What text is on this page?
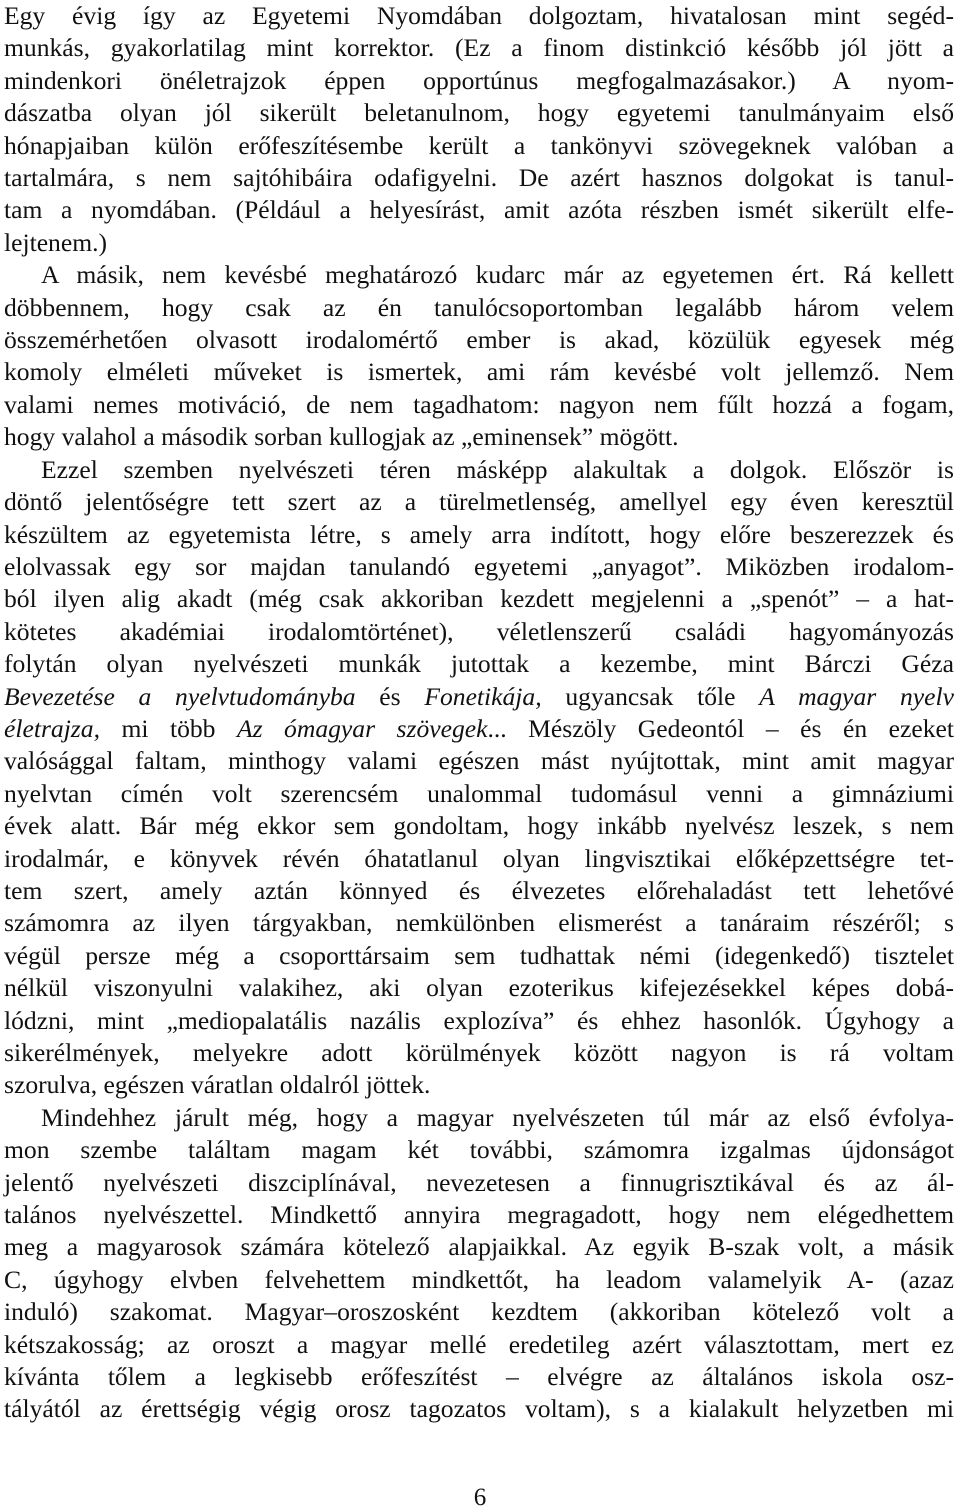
Egy évig így az Egyetemi Nyomdában dolgoztam, hivatalosan mint segéd-
munkás, gyakorlatilag mint korrektor. (Ez a finom distinkció később jól jött a
mindenkori önéletrajzok éppen opportúnus megfogalmazásakor.) A nyom-
dászatba olyan jól sikerült beletanulnom, hogy egyetemi tanulmányaim első
hónapjaiban külön erőfeszítésembe került a tankönyvi szövegeknek valóban a
tartalmára, s nem sajtóhibáira odafigyelni. De azért hasznos dolgokat is tanul-
tam a nyomdában. (Például a helyesírást, amit azóta részben ismét sikerült elfe-
lejtenem.)
A másik, nem kevésbé meghatározó kudarc már az egyetemen ért. Rá kellett
döbbennem, hogy csak az én tanulócsoportomban legalább három velem
összemérhetően olvasott irodalomértő ember is akad, közülük egyesek még
komoly elméleti műveket is ismertek, ami rám kevésbé volt jellemző. Nem
valami nemes motiváció, de nem tagadhatom: nagyon nem fűlt hozzá a fogam,
hogy valahol a második sorban kullogjak az „eminensek” mögött.
Ezzel szemben nyelvészeti téren másképp alakultak a dolgok. Először is
döntő jelentőségre tett szert az a türelmetlenség, amellyel egy éven keresztül
készültem az egyetemista létre, s amely arra indított, hogy előre beszerezzek és
elolvassak egy sor majdan tanulandó egyetemi „anyagot”. Miközben irodalom-
ból ilyen alig akadt (még csak akkoriban kezdett megjelenni a „spenót” – a hat-
kötetes akadémiai irodalomtörténet), véletlenszerű családi hagyományozás
folytán olyan nyelvészeti munkák jutottak a kezembe, mint Bárczi Géza
Bevezetése a nyelvtudományba és Fonetikája, ugyancsak tőle A magyar nyelv
életrajza, mi több Az ómagyar szövegek... Mészöly Gedeontól – és én ezeket
valósággal faltam, minthogy valami egészen mást nyújtottak, mint amit magyar
nyelvtan címén volt szerencsém unalommal tudomásul venni a gimnáziumi
évek alatt. Bár még ekkor sem gondoltam, hogy inkább nyelvész leszek, s nem
irodalmár, e könyvek révén óhatatlanul olyan lingvisztikai előképzettségre tet-
tem szert, amely aztán könnyed és élvezetes előrehaladást tett lehetővé
számomra az ilyen tárgyakban, nemkülönben elismerést a tanáraim részéről; s
végül persze még a csoporttársaim sem tudhattak némi (idegenkedő) tisztelet
nélkül viszonyulni valakihez, aki olyan ezoterikus kifejezésekkel képes dobá-
lódzni, mint „mediopalatális nazális explozíva” és ehhez hasonlók. Úgyhogy a
sikerélmények, melyekre adott körülmények között nagyon is rá voltam
szorulva, egészen váratlan oldalról jöttek.
Mindehhez járult még, hogy a magyar nyelvészeten túl már az első évfolya-
mon szembe találtam magam két további, számomra izgalmas újdonságot
jelentő nyelvészeti diszciplínával, nevezetesen a finnugrisztikával és az ál-
talános nyelvészettel. Mindkettő annyira megragadott, hogy nem elégedhettem
meg a magyarosok számára kötelező alapjaikkal. Az egyik B-szak volt, a másik
C, úgyhogy elvben felvehettem mindkettőt, ha leadom valamelyik A- (azaz
induló) szakomat. Magyar–oroszosként kezdtem (akkoriban kötelező volt a
kétszakosság; az oroszt a magyar mellé eredetileg azért választottam, mert ez
kívánta tőlem a legkisebb erőfeszítést – elvégre az általános iskola osz-
tályától az érettségig végig orosz tagozatos voltam), s a kialakult helyzetben mi
6
